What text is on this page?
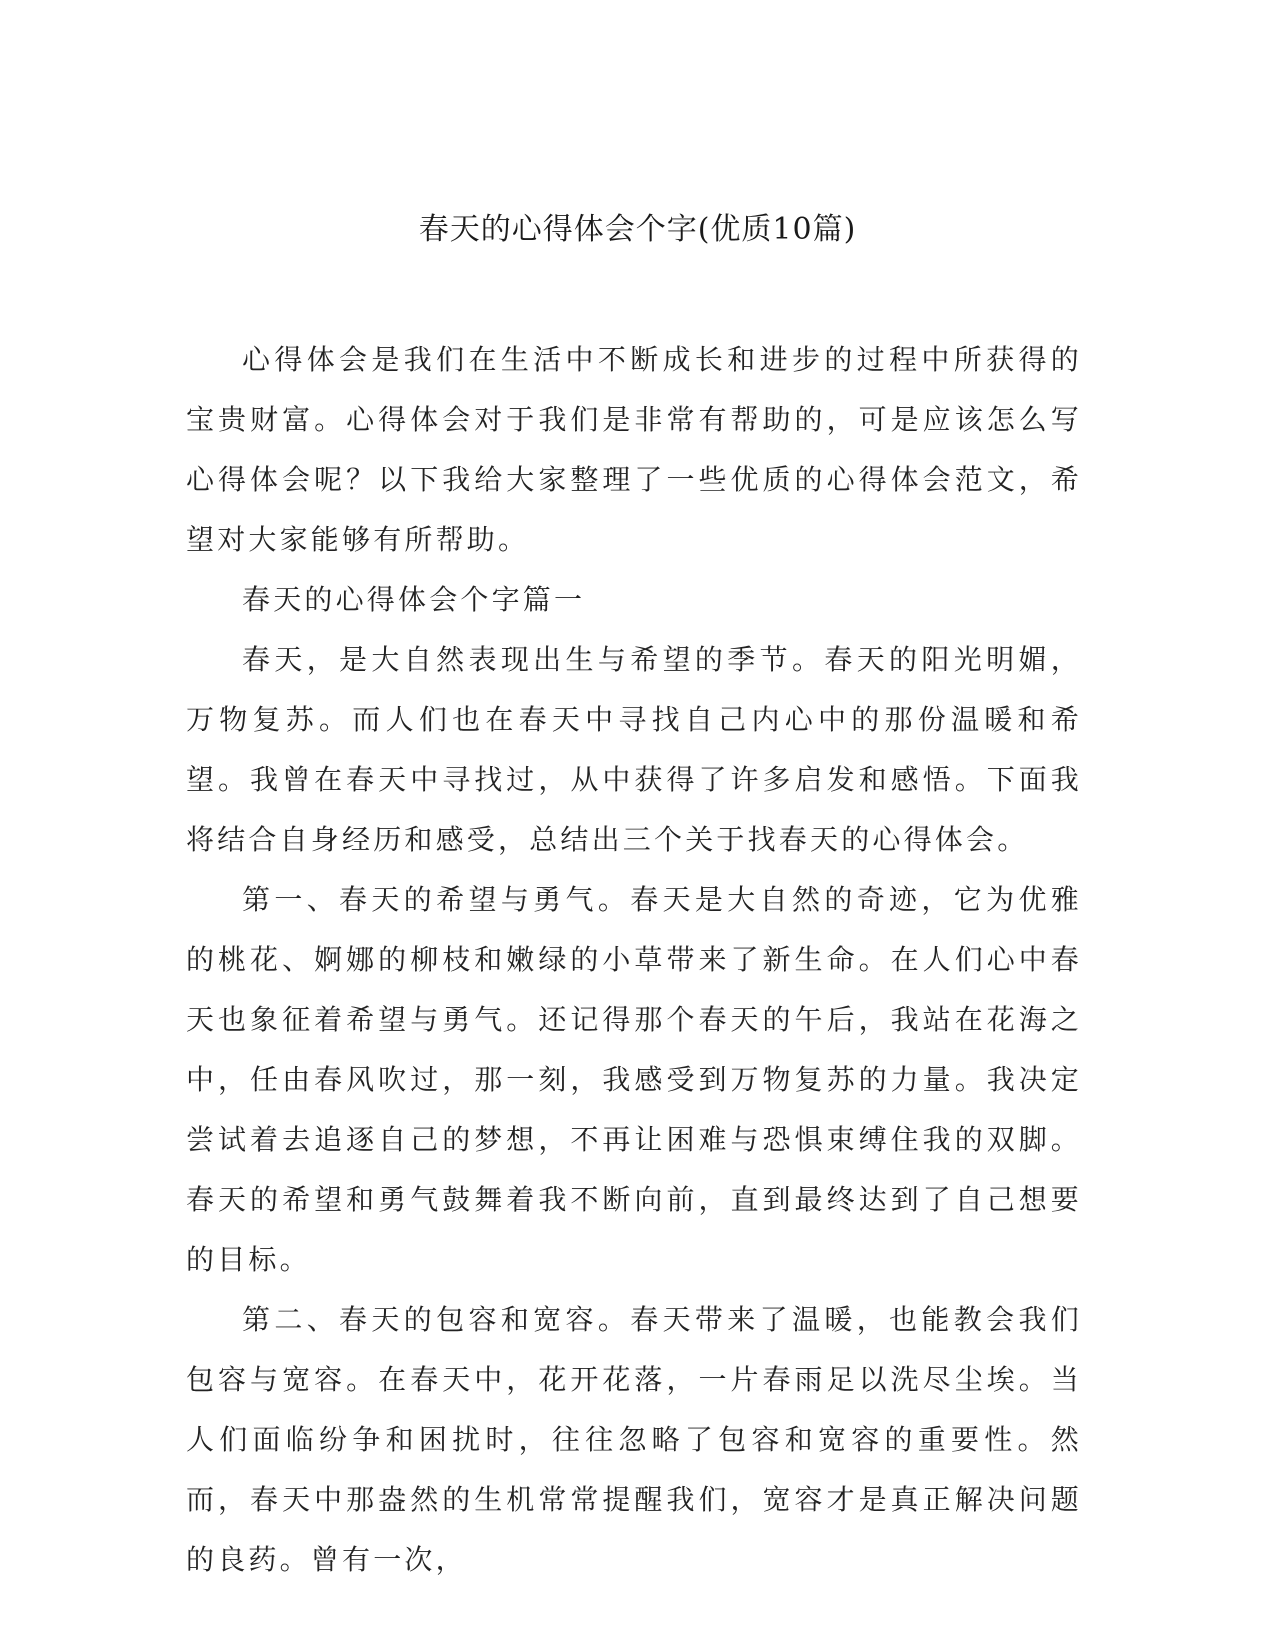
春天的心得体会个字(优质10篇)

心得体会是我们在生活中不断成长和进步的过程中所获得的宝贵财富。心得体会对于我们是非常有帮助的，可是应该怎么写心得体会呢？以下我给大家整理了一些优质的心得体会范文，希望对大家能够有所帮助。

春天的心得体会个字篇一

春天，是大自然表现出生与希望的季节。春天的阳光明媚，万物复苏。而人们也在春天中寻找自己内心中的那份温暖和希望。我曾在春天中寻找过，从中获得了许多启发和感悟。下面我将结合自身经历和感受，总结出三个关于找春天的心得体会。

第一、春天的希望与勇气。春天是大自然的奇迹，它为优雅的桃花、婀娜的柳枝和嫩绿的小草带来了新生命。在人们心中春天也象征着希望与勇气。还记得那个春天的午后，我站在花海之中，任由春风吹过，那一刻，我感受到万物复苏的力量。我决定尝试着去追逐自己的梦想，不再让困难与恐惧束缚住我的双脚。春天的希望和勇气鼓舞着我不断向前，直到最终达到了自己想要的目标。

第二、春天的包容和宽容。春天带来了温暖，也能教会我们包容与宽容。在春天中，花开花落，一片春雨足以洗尽尘埃。当人们面临纷争和困扰时，往往忽略了包容和宽容的重要性。然而，春天中那盎然的生机常常提醒我们，宽容才是真正解决问题的良药。曾有一次，
